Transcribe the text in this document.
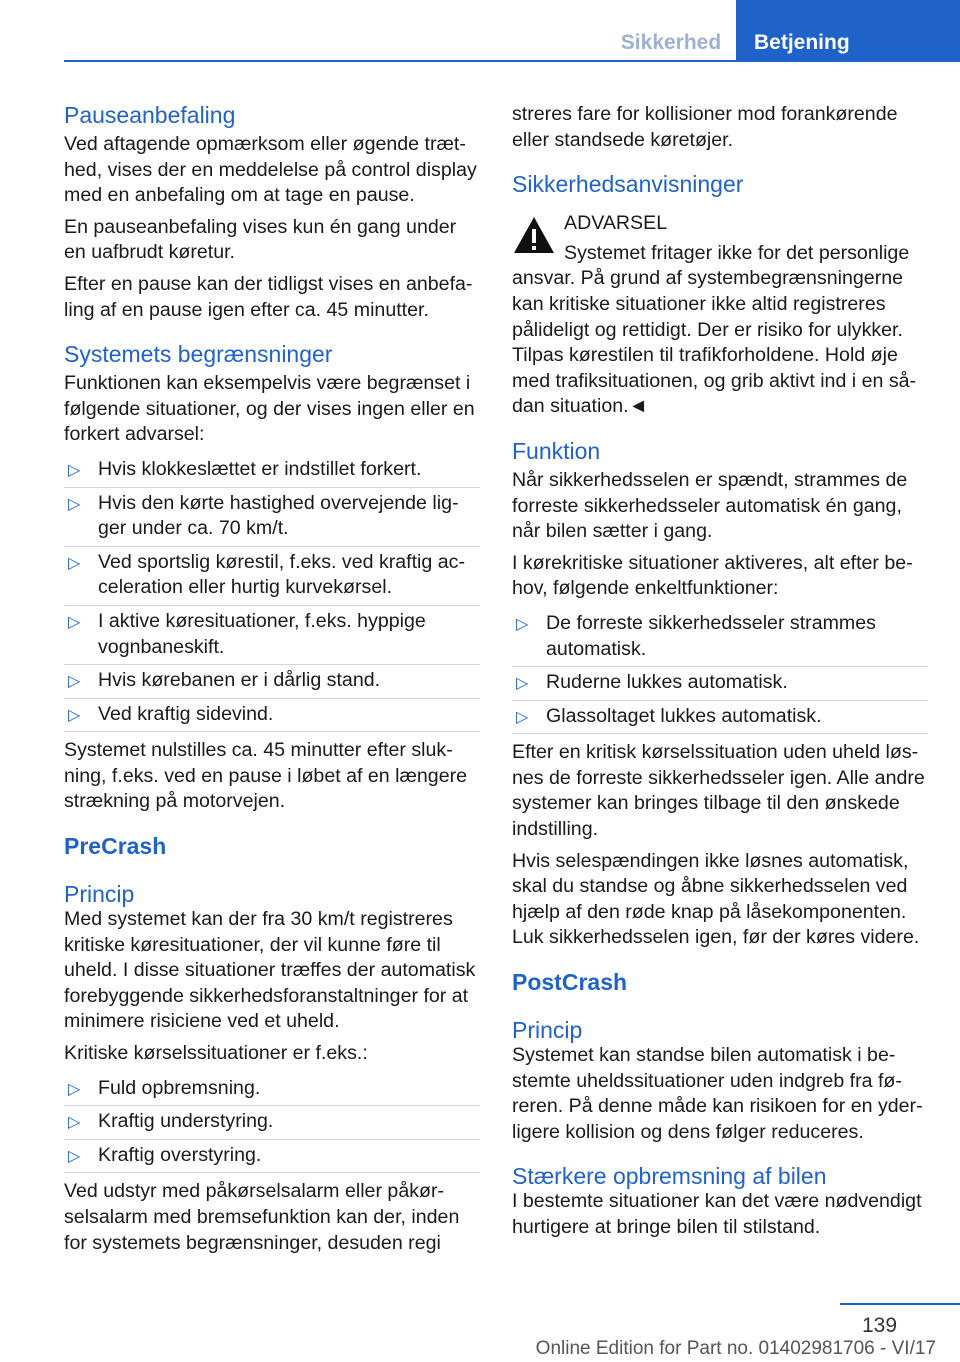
Sikkerhed	Betjening
Pauseanbefaling

Ved aftagende opmærksom eller øgende træthed, vises der en meddelelse på control display med en anbefaling om at tage en pause.

En pauseanbefaling vises kun én gang under en uafbrudt køretur.

Efter en pause kan der tidligst vises en anbefaling af en pause igen efter ca. 45 minutter.

Systemets begrænsninger

Funktionen kan eksempelvis være begrænset i følgende situationer, og der vises ingen eller en forkert advarsel:

▷ Hvis klokkeslættet er indstillet forkert.
▷ Hvis den kørte hastighed overvejende ligger under ca. 70 km/t.
▷ Ved sportslig kørestil, f.eks. ved kraftig acceleration eller hurtig kurvekørsel.
▷ I aktive køresituationer, f.eks. hyppige vognbaneskift.
▷ Hvis kørebanen er i dårlig stand.
▷ Ved kraftig sidevind.

Systemet nulstilles ca. 45 minutter efter slukning, f.eks. ved en pause i løbet af en længere strækning på motorvejen.

PreCrash
Princip

Med systemet kan der fra 30 km/t registreres kritiske køresituationer, der vil kunne føre til uheld. I disse situationer træffes der automatisk forebyggende sikkerhedsforanstaltninger for at minimere risiciene ved et uheld.

Kritiske kørselssituationer er f.eks.:

▷ Fuld opbremsning.
▷ Kraftig understyring.
▷ Kraftig overstyring.

Ved udstyr med påkørselsalarm eller påkørselsalarm med bremsefunktion kan der, inden for systemets begrænsninger, desuden regi

streres fare for kollisioner mod forankørende eller standsede køretøjer.

Sikkerhedsanvisninger
ADVARSEL

Systemet fritager ikke for det personlige ansvar. På grund af systembegrænsningerne kan kritiske situationer ikke altid registreres pålideligt og rettidigt. Der er risiko for ulykker. Tilpas kørestilen til trafikforholdene. Hold øje med trafiksituationen, og grib aktivt ind i en sådan situation.◄

Funktion

Når sikkerhedsselen er spændt, strammes de forreste sikkerhedsseler automatisk én gang, når bilen sætter i gang.

I kørekritiske situationer aktiveres, alt efter behov, følgende enkeltfunktioner:

▷ De forreste sikkerhedsseler strammes automatisk.
▷ Ruderne lukkes automatisk.
▷ Glassoltaget lukkes automatisk.

Efter en kritisk kørselssituation uden uheld løsnes de forreste sikkerhedsseler igen. Alle andre systemer kan bringes tilbage til den ønskede indstilling.

Hvis selespændingen ikke løsnes automatisk, skal du standse og åbne sikkerhedsselen ved hjælp af den røde knap på låsekomponenten. Luk sikkerhedsselen igen, før der køres videre.

PostCrash
Princip

Systemet kan standse bilen automatisk i bestemte uheldssituationer uden indgreb fra føreren. På denne måde kan risikoen for en yderligere kollision og dens følger reduceres.

Stærkere opbremsning af bilen

I bestemte situationer kan det være nødvendigt hurtigere at bringe bilen til stilstand.

139
Online Edition for Part no. 01402981706 - VI/17
